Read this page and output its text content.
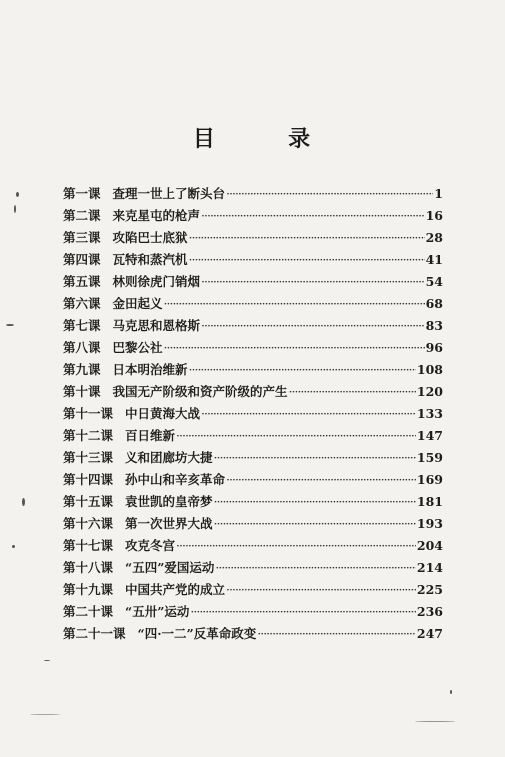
目	录
第一课 查理一世上了断头台 ·····	1
第二课 来克星屯的枪声 ·····	16
第三课 攻陷巴士底狱 ·····	28
第四课 瓦特和蒸汽机 ·····	41
第五课 林则徐虎门销烟 ·····	54
第六课 金田起义 ·····	68
第七课 马克思和恩格斯 ·····	83
第八课 巴黎公社 ·····	96
第九课 日本明治维新 ·····	108
第十课 我国无产阶级和资产阶级的产生 ·····	120
第十一课 中日黄海大战 ·····	133
第十二课 百日维新 ·····	147
第十三课 义和团廊坊大捷 ·····	159
第十四课 孙中山和辛亥革命 ·····	169
第十五课 袁世凯的皇帝梦 ·····	181
第十六课 第一次世界大战 ·····	193
第十七课 攻克冬宫 ·····	204
第十八课 “五四”爱国运动 ·····	214
第十九课 中国共产党的成立 ·····	225
第二十课 “五卅”运动 ·····	236
第二十一课 “四·一二”反革命政变 ·····	247
